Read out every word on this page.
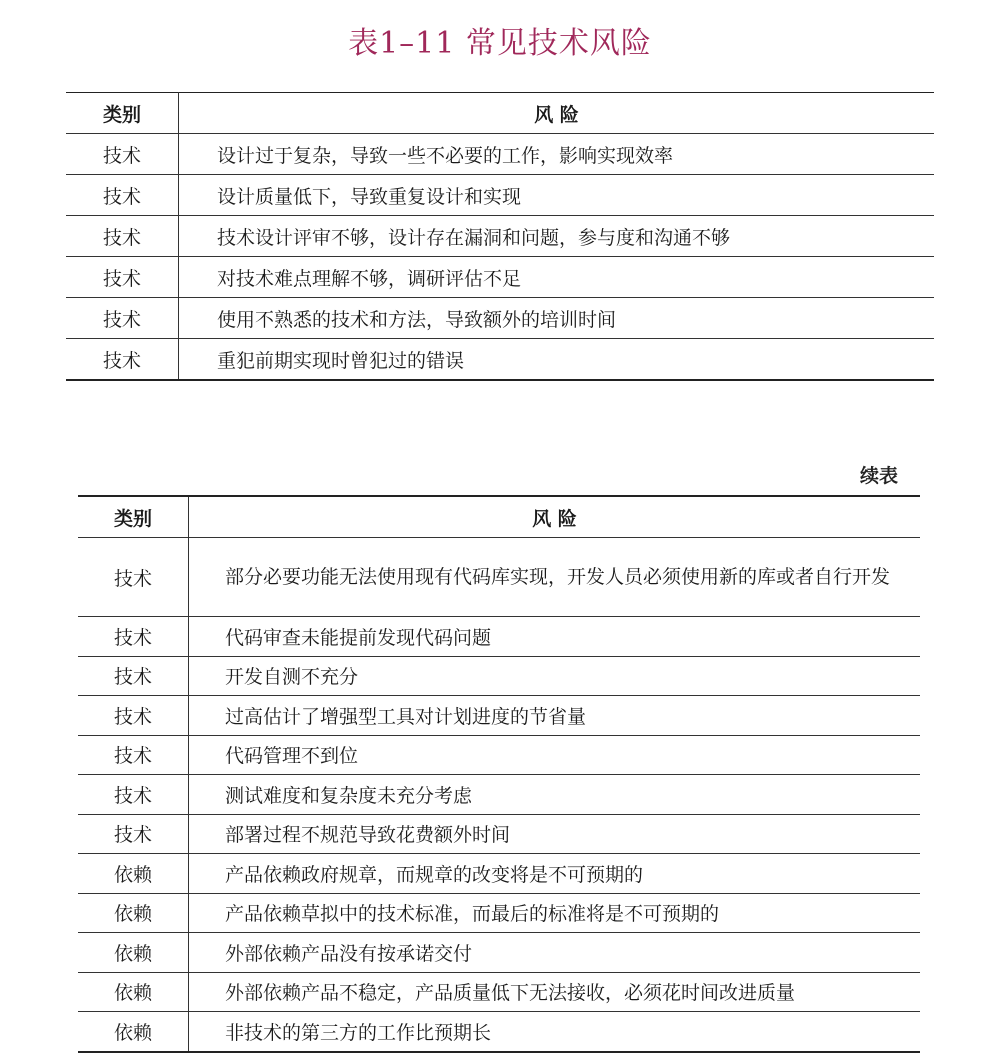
表1–11 常见技术风险
类别	风 险
技术	设计过于复杂，导致一些不必要的工作，影响实现效率
技术	设计质量低下，导致重复设计和实现
技术	技术设计评审不够，设计存在漏洞和问题，参与度和沟通不够
技术	对技术难点理解不够，调研评估不足
技术	使用不熟悉的技术和方法，导致额外的培训时间
技术	重犯前期实现时曾犯过的错误
续表
类别	风 险
技术	部分必要功能无法使用现有代码库实现，开发人员必须使用新的库或者自行开发
技术	代码审查未能提前发现代码问题
技术	开发自测不充分
技术	过高估计了增强型工具对计划进度的节省量
技术	代码管理不到位
技术	测试难度和复杂度未充分考虑
技术	部署过程不规范导致花费额外时间
依赖	产品依赖政府规章，而规章的改变将是不可预期的
依赖	产品依赖草拟中的技术标准，而最后的标准将是不可预期的
依赖	外部依赖产品没有按承诺交付
依赖	外部依赖产品不稳定，产品质量低下无法接收，必须花时间改进质量
依赖	非技术的第三方的工作比预期长
